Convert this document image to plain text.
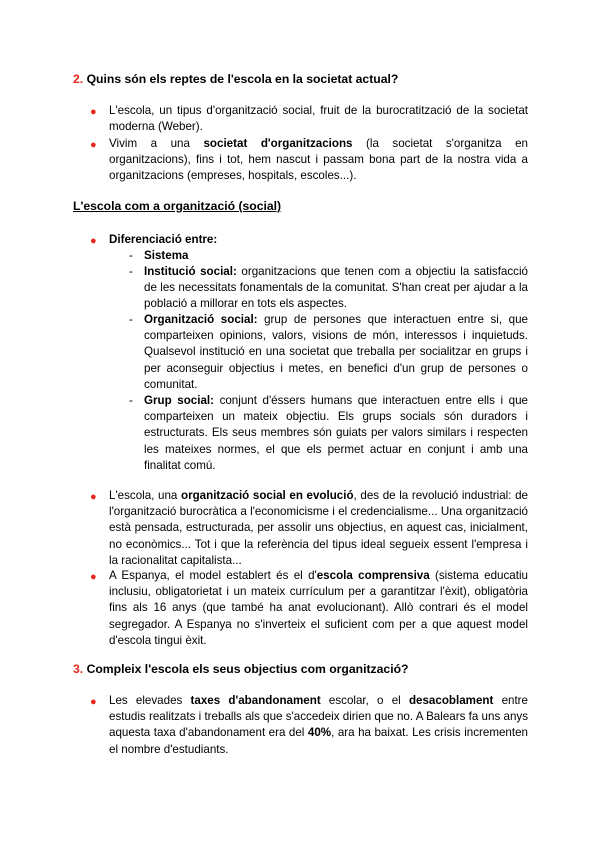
2. Quins són els reptes de l'escola en la societat actual?
● L'escola, un tipus d'organització social, fruit de la burocratització de la societat moderna (Weber).
● Vivim a una societat d'organitzacions (la societat s'organitza en organitzacions), fins i tot, hem nascut i passam bona part de la nostra vida a organitzacions (empreses, hospitals, escoles...).
L'escola com a organització (social)
● Diferenciació entre:
- Sistema
- Institució social: organitzacions que tenen com a objectiu la satisfacció de les necessitats fonamentals de la comunitat. S'han creat per ajudar a la població a millorar en tots els aspectes.
- Organització social: grup de persones que interactuen entre si, que comparteixen opinions, valors, visions de món, interessos i inquietuds. Qualsevol institució en una societat que treballa per socialitzar en grups i per aconseguir objectius i metes, en benefici d'un grup de persones o comunitat.
- Grup social: conjunt d'éssers humans que interactuen entre ells i que comparteixen un mateix objectiu. Els grups socials són duradors i estructurats. Els seus membres són guiats per valors similars i respecten les mateixes normes, el que els permet actuar en conjunt i amb una finalitat comú.
● L'escola, una organització social en evolució, des de la revolució industrial: de l'organització burocràtica a l'economicisme i el credencialisme... Una organització està pensada, estructurada, per assolir uns objectius, en aquest cas, inicialment, no econòmics... Tot i que la referència del tipus ideal segueix essent l'empresa i la racionalitat capitalista...
● A Espanya, el model establert és el d'escola comprensiva (sistema educatiu inclusiu, obligatorietat i un mateix currículum per a garantitzar l'èxit), obligatòria fins als 16 anys (que també ha anat evolucionant). Allò contrari és el model segregador. A Espanya no s'inverteix el suficient com per a que aquest model d'escola tingui èxit.
3. Compleix l'escola els seus objectius com organització?
● Les elevades taxes d'abandonament escolar, o el desacoblament entre estudis realitzats i treballs als que s'accedeix dirien que no. A Balears fa uns anys aquesta taxa d'abandonament era del 40%, ara ha baixat. Les crisis incrementen el nombre d'estudiants.
